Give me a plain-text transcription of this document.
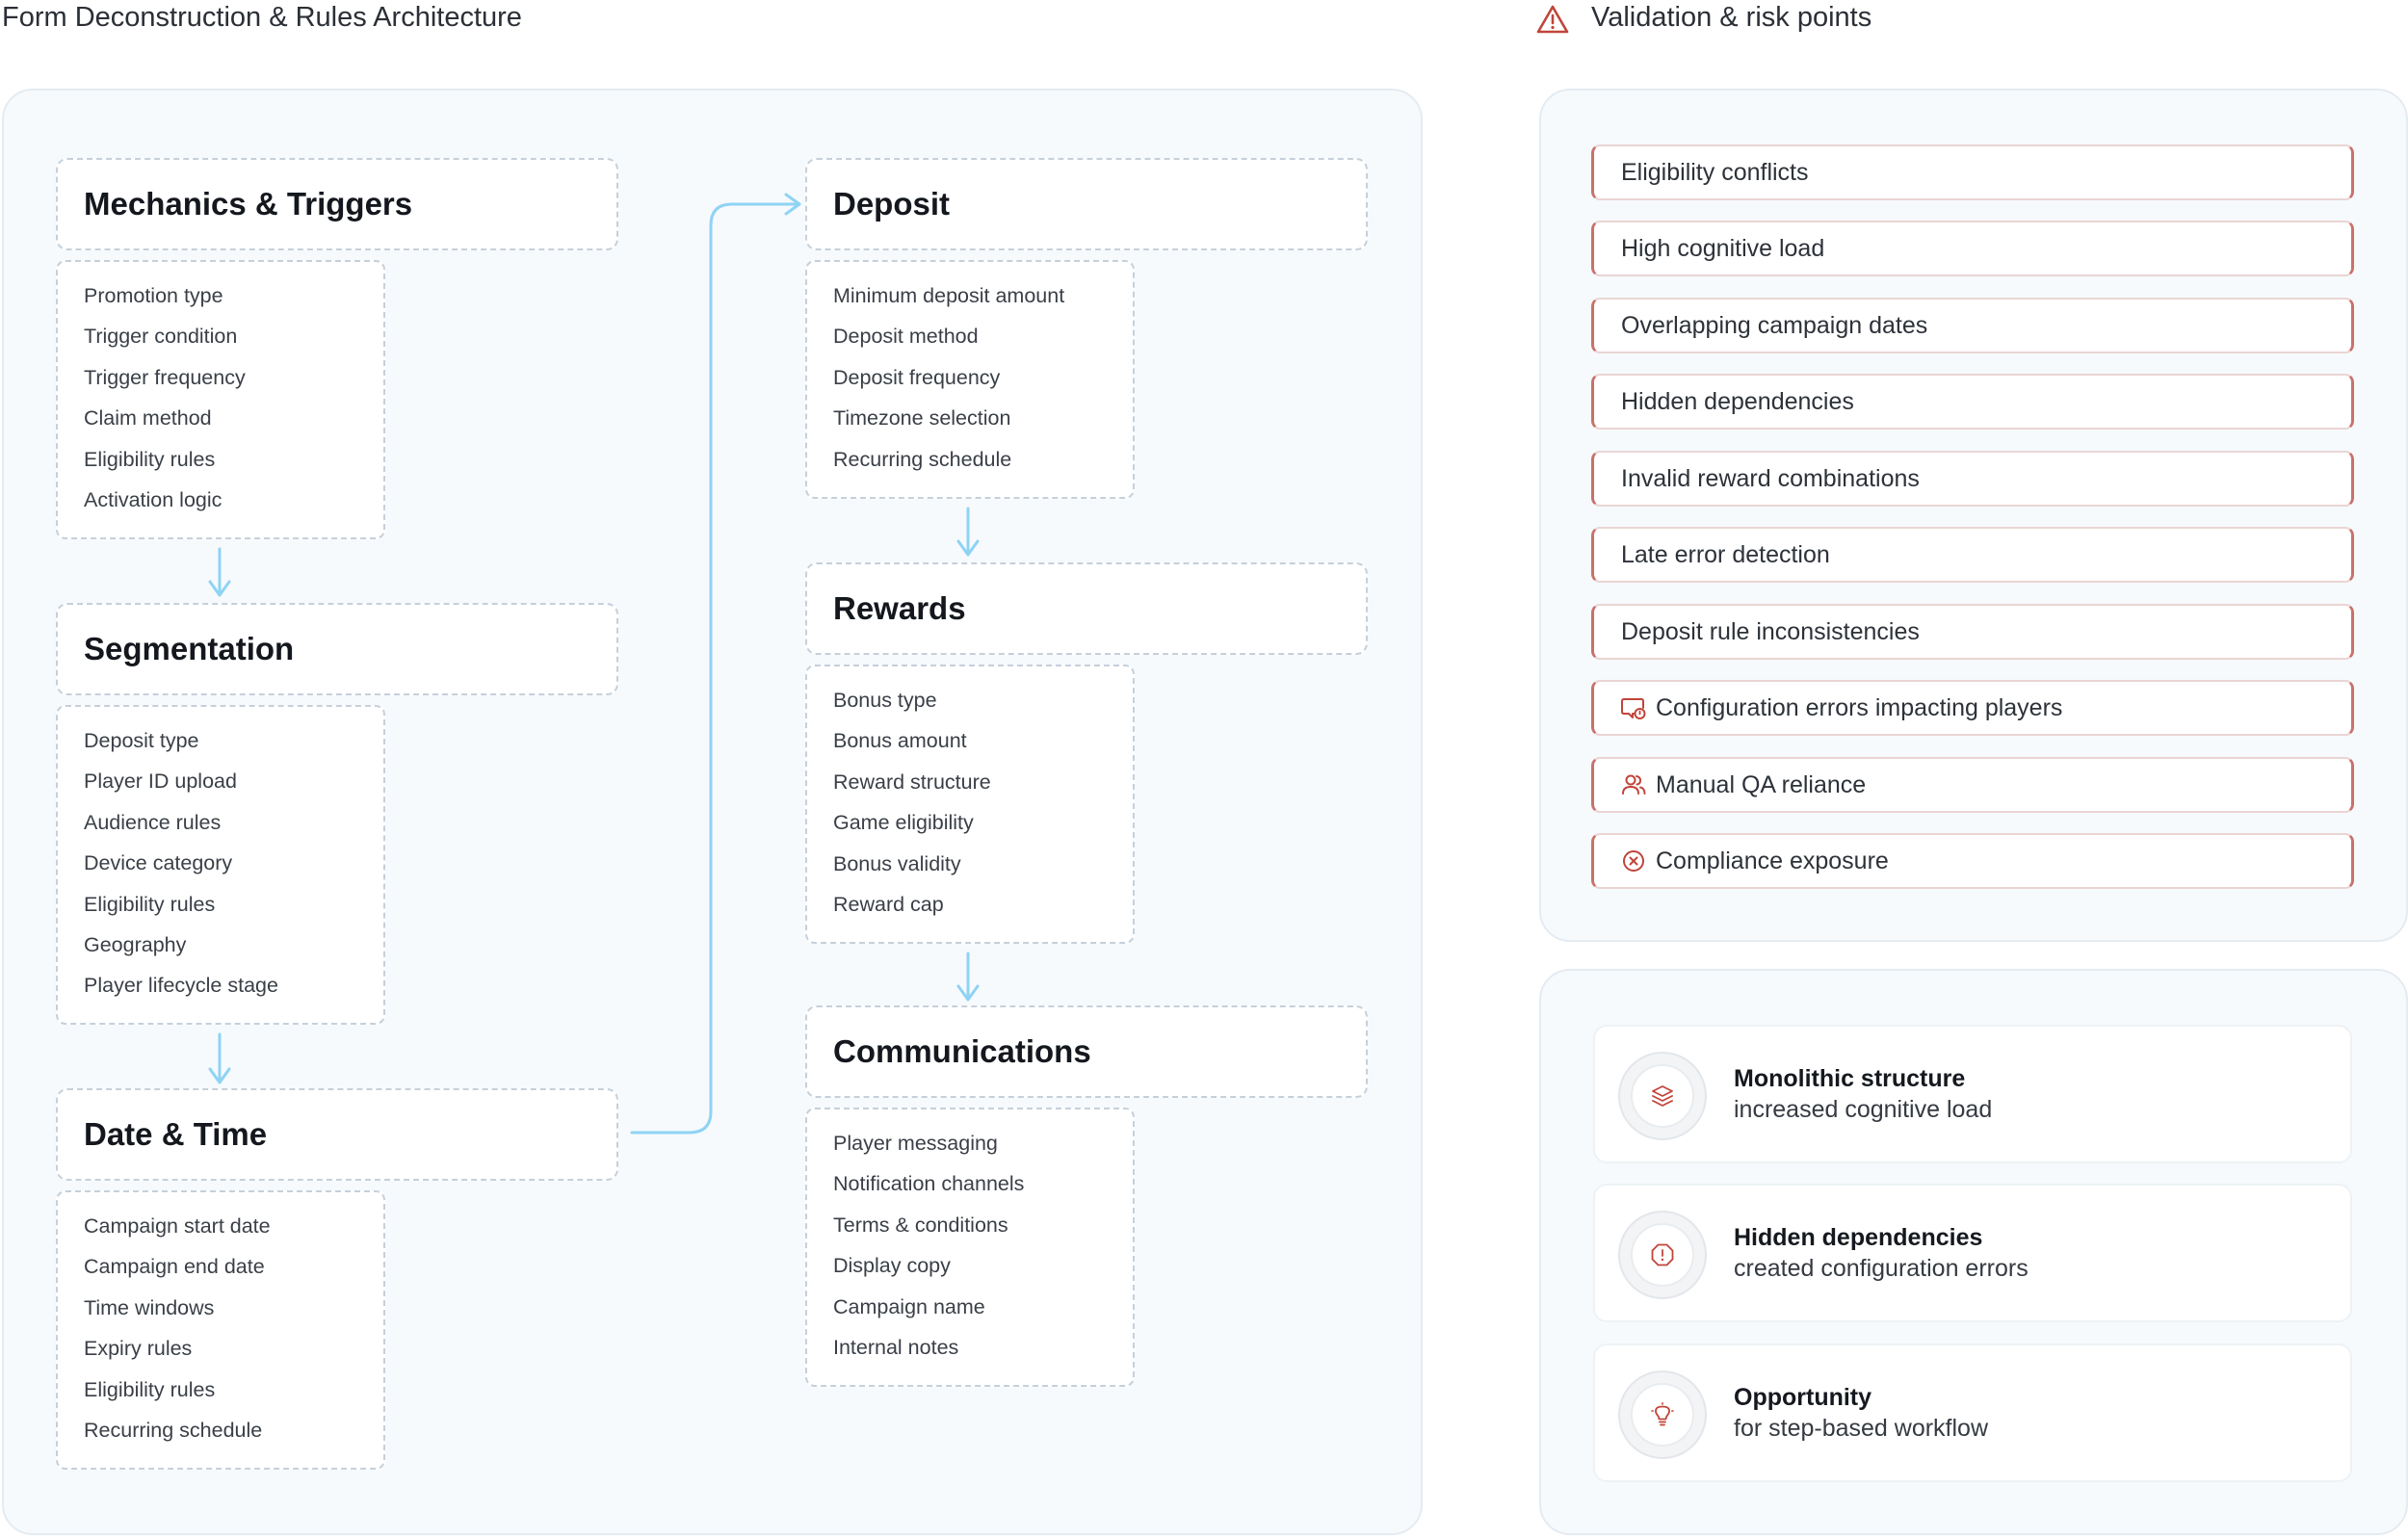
Form Deconstruction & Rules Architecture	Validation & risk points
Mechanics & Triggers
Promotion type
Trigger condition
Trigger frequency
Claim method
Eligibility rules
Activation logic
Segmentation
Deposit type
Player ID upload
Audience rules
Device category
Eligibility rules
Geography
Player lifecycle stage
Date & Time
Campaign start date
Campaign end date
Time windows
Expiry rules
Eligibility rules
Recurring schedule
Deposit
Minimum deposit amount
Deposit method
Deposit frequency
Timezone selection
Recurring schedule
Rewards
Bonus type
Bonus amount
Reward structure
Game eligibility
Bonus validity
Reward cap
Communications
Player messaging
Notification channels
Terms & conditions
Display copy
Campaign name
Internal notes
Eligibility conflicts
High cognitive load
Overlapping campaign dates
Hidden dependencies
Invalid reward combinations
Late error detection
Deposit rule inconsistencies
Configuration errors impacting players
Manual QA reliance
Compliance exposure
Monolithic structure
increased cognitive load
Hidden dependencies
created configuration errors
Opportunity
for step-based workflow
